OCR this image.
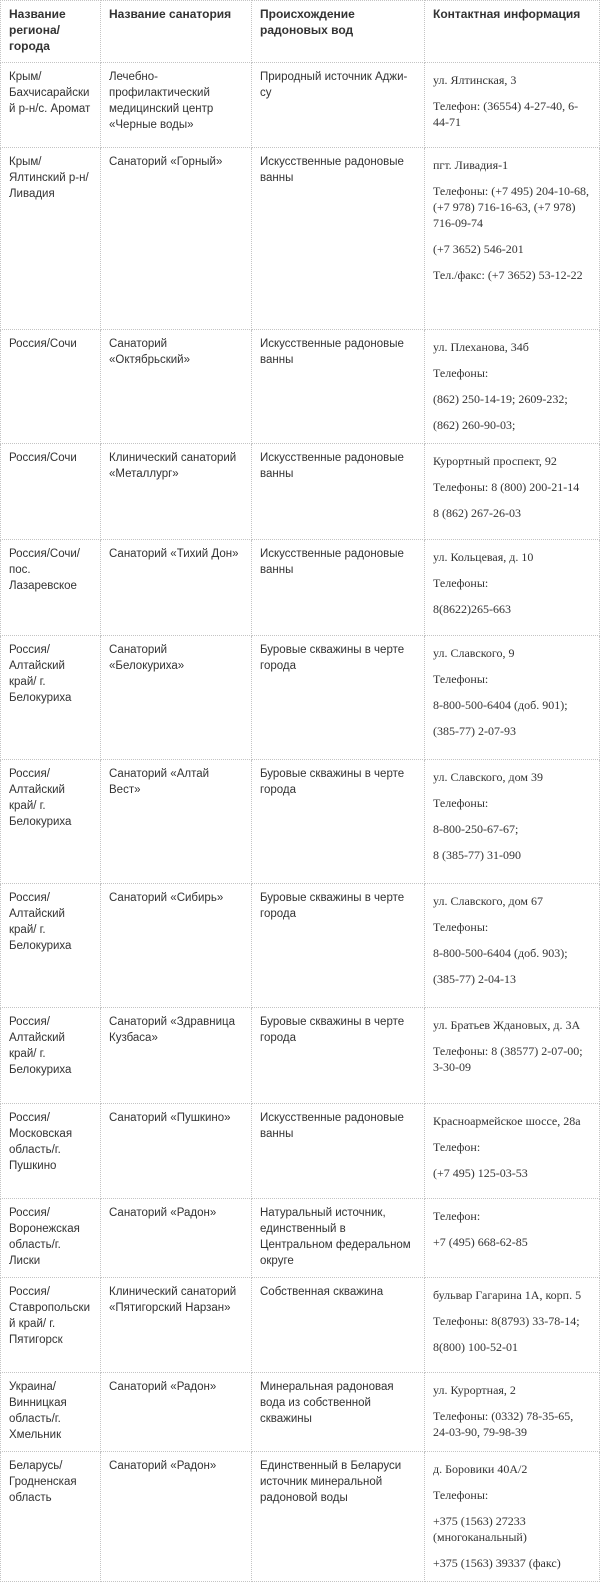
Название региона/ города	Название санатория	Происхождение радоновых вод	Контактная информация
Крым/ Бахчисарайский р-н/с. Аромат	Лечебно-профилактический медицинский центр «Черные воды»	Природный источник Аджи-су	ул. Ялтинская, 3
Телефон: (36554) 4-27-40, 6-44-71

Крым/ Ялтинский р-н/ Ливадия	Санаторий «Горный»	Искусственные радоновые ванны	пгт. Ливадия-1
Телефоны: (+7 495) 204-10-68, (+7 978) 716-16-63, (+7 978) 716-09-74
(+7 3652) 546-201
Тел./факс: (+7 3652) 53-12-22

Россия/Сочи	Санаторий «Октябрьский»	Искусственные радоновые ванны	ул. Плеханова, 34б
Телефоны:
(862) 250-14-19; 2609-232;
(862) 260-90-03;

Россия/Сочи	Клинический санаторий «Металлург»	Искусственные радоновые ванны	Курортный проспект, 92
Телефоны: 8 (800) 200-21-14
8 (862) 267-26-03

Россия/Сочи/ пос. Лазаревское	Санаторий «Тихий Дон»	Искусственные радоновые ванны	ул. Кольцевая, д. 10
Телефоны:
8(8622)265-663

Россия/ Алтайский край/ г. Белокуриха	Санаторий «Белокуриха»	Буровые скважины в черте города	ул. Славского, 9
Телефоны:
8-800-500-6404 (доб. 901);
(385-77) 2-07-93

Россия/ Алтайский край/ г. Белокуриха	Санаторий «Алтай Вест»	Буровые скважины в черте города	ул. Славского, дом 39
Телефоны:
8-800-250-67-67;
8 (385-77) 31-090

Россия/ Алтайский край/ г. Белокуриха	Санаторий «Сибирь»	Буровые скважины в черте города	ул. Славского, дом 67
Телефоны:
8-800-500-6404 (доб. 903);
(385-77) 2-04-13

Россия/ Алтайский край/ г. Белокуриха	Санаторий «Здравница Кузбаса»	Буровые скважины в черте города	ул. Братьев Ждановых, д. 3А
Телефоны: 8 (38577) 2-07-00; 3-30-09

Россия/ Московская область/г. Пушкино	Санаторий «Пушкино»	Искусственные радоновые ванны	Красноармейское шоссе, 28а
Телефон:
(+7 495) 125-03-53

Россия/ Воронежская область/г. Лиски	Санаторий «Радон»	Натуральный источник, единственный в Центральном федеральном округе	Телефон:
+7 (495) 668-62-85

Россия/ Ставропольский край/ г. Пятигорск	Клинический санаторий «Пятигорский Нарзан»	Собственная скважина	бульвар Гагарина 1А, корп. 5
Телефоны: 8(8793) 33-78-14;
8(800) 100-52-01

Украина/ Винницкая область/г. Хмельник	Санаторий «Радон»	Минеральная радоновая вода из собственной скважины	ул. Курортная, 2
Телефоны: (0332) 78-35-65, 24-03-90, 79-98-39

Беларусь/ Гродненская область	Санаторий «Радон»	Единственный в Беларуси источник минеральной радоновой воды	д. Боровики 40А/2
Телефоны:
+375 (1563) 27233 (многоканальный)
+375 (1563) 39337 (факс)
